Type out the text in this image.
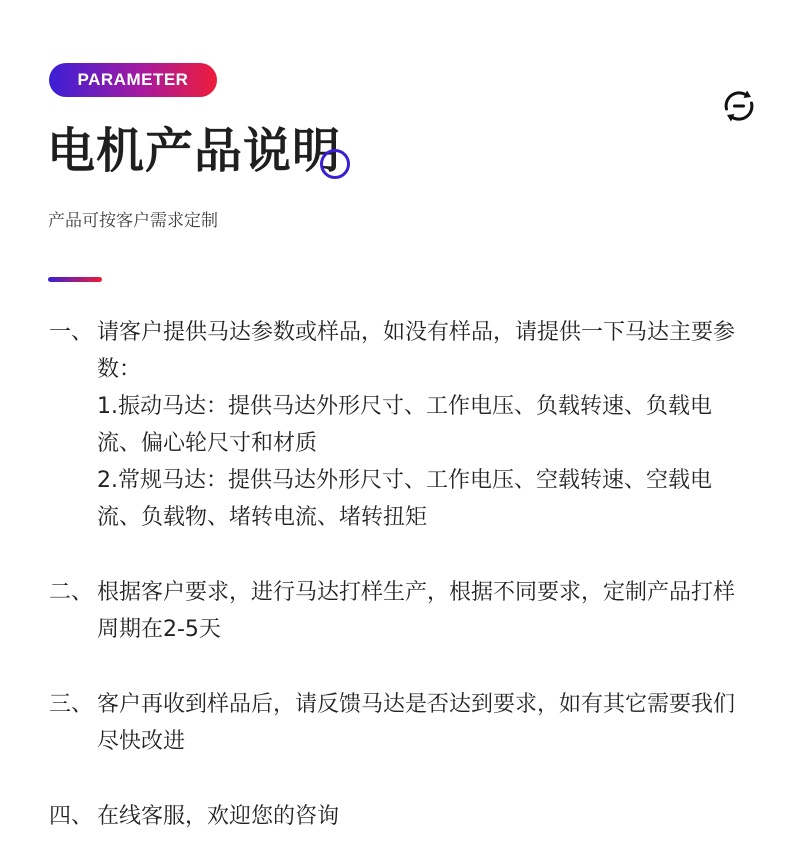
PARAMETER
电机产品说明
产品可按客户需求定制
一、 请客户提供马达参数或样品，如没有样品，请提供一下马达主要参数：

1.振动马达：提供马达外形尺寸、工作电压、负载转速、负载电流、偏心轮尺寸和材质
2.常规马达：提供马达外形尺寸、工作电压、空载转速、空载电流、负载物、堵转电流、堵转扭矩
二、 根据客户要求，进行马达打样生产，根据不同要求，定制产品打样周期在2-5天

三、 客户再收到样品后，请反馈马达是否达到要求，如有其它需要我们尽快改进

四、 在线客服，欢迎您的咨询
